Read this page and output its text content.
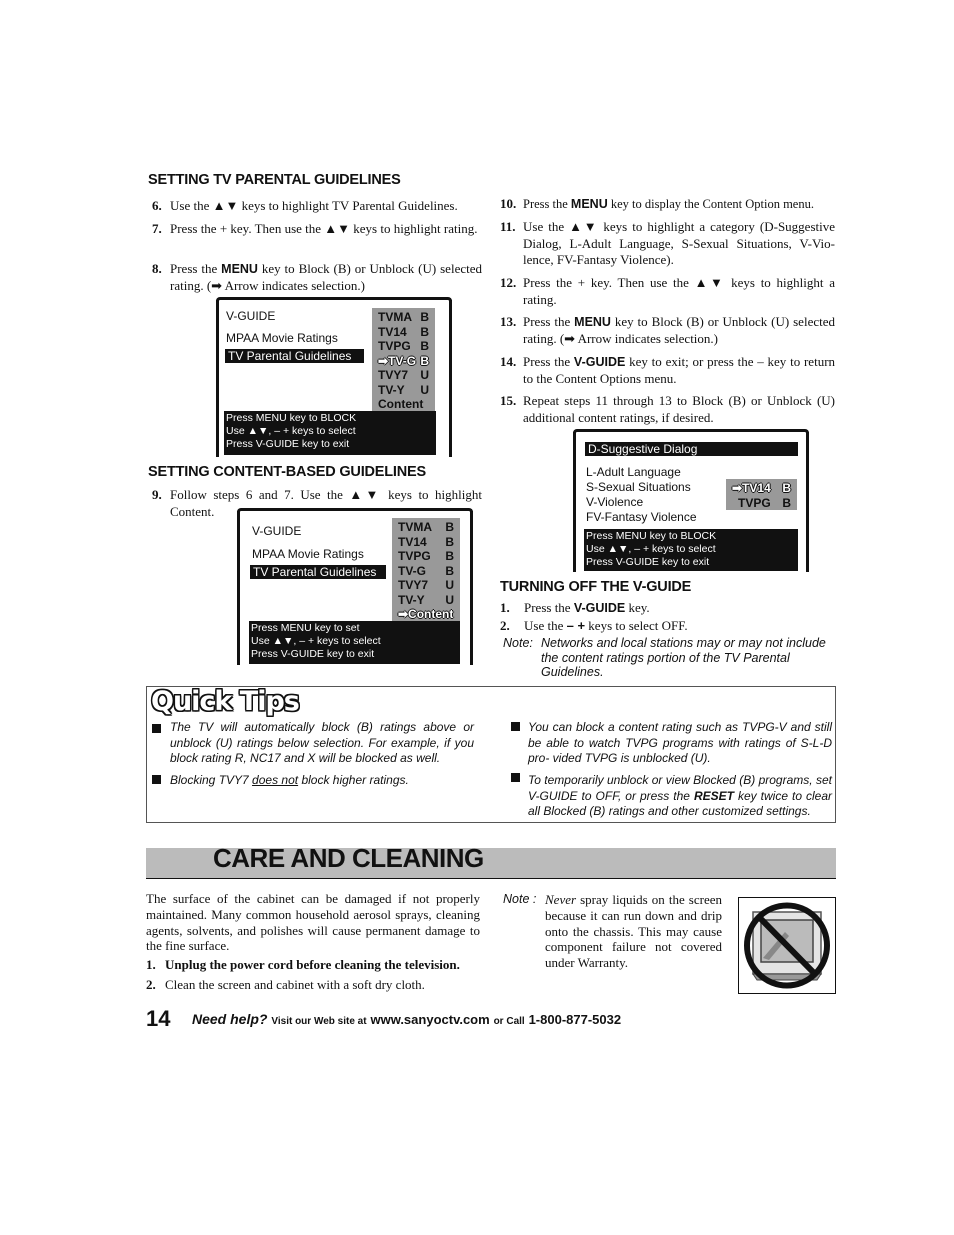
SETTING TV PARENTAL GUIDELINES
6. Use the ▲▼ keys to highlight TV Parental Guidelines.
7. Press the + key. Then use the ▲▼ keys to highlight rating.
8. Press the MENU key to Block (B) or Unblock (U) selected rating. (➡ Arrow indicates selection.)
V-GUIDE
MPAA Movie Ratings
TV Parental Guidelines
TVMA B
TV14 B
TVPG B
➡TV-G B
TVY7 U
TV-Y U
Content
Press MENU key to BLOCK
Use ▲▼, – + keys to select
Press V-GUIDE key to exit
SETTING CONTENT-BASED GUIDELINES
9. Follow steps 6 and 7. Use the ▲▼ keys to highlight Content.
V-GUIDE
MPAA Movie Ratings
TV Parental Guidelines
TVMA B
TV14 B
TVPG B
TV-G B
TVY7 U
TV-Y U
➡Content
Press MENU key to set
Use ▲▼, – + keys to select
Press V-GUIDE key to exit
10. Press the MENU key to display the Content Option menu.
11. Use the ▲▼ keys to highlight a category (D-Suggestive Dialog, L-Adult Language, S-Sexual Situations, V-Vio- lence, FV-Fantasy Violence).
12. Press the + key. Then use the ▲▼ keys to highlight a rating.
13. Press the MENU key to Block (B) or Unblock (U) selected rating. (➡ Arrow indicates selection.)
14. Press the V-GUIDE key to exit; or press the – key to return to the Content Options menu.
15. Repeat steps 11 through 13 to Block (B) or Unblock (U) additional content ratings, if desired.
D-Suggestive Dialog
L-Adult Language
S-Sexual Situations
V-Violence
FV-Fantasy Violence
➡TV14 B
TVPG B
Press MENU key to BLOCK
Use ▲▼, – + keys to select
Press V-GUIDE key to exit
TURNING OFF THE V-GUIDE
1. Press the V-GUIDE key.
2. Use the – + keys to select OFF.
Note: Networks and local stations may or may not include the content ratings portion of the TV Parental Guidelines.
Quick Tips
The TV will automatically block (B) ratings above or unblock (U) ratings below selection. For example, if you block rating R, NC17 and X will be blocked as well.
Blocking TVY7 does not block higher ratings.
You can block a content rating such as TVPG-V and still be able to watch TVPG programs with ratings of S-L-D pro- vided TVPG is unblocked (U).
To temporarily unblock or view Blocked (B) programs, set V-GUIDE to OFF, or press the RESET key twice to clear all Blocked (B) ratings and other customized settings.
CARE AND CLEANING
The surface of the cabinet can be damaged if not properly maintained. Many common household aerosol sprays, cleaning agents, solvents, and polishes will cause permanent damage to the fine surface.
1. Unplug the power cord before cleaning the television.
2. Clean the screen and cabinet with a soft dry cloth.
Note : Never spray liquids on the screen because it can run down and drip onto the chassis. This may cause component failure not covered under Warranty.
14 Need help? Visit our Web site at www.sanyoctv.com or Call 1-800-877-5032
